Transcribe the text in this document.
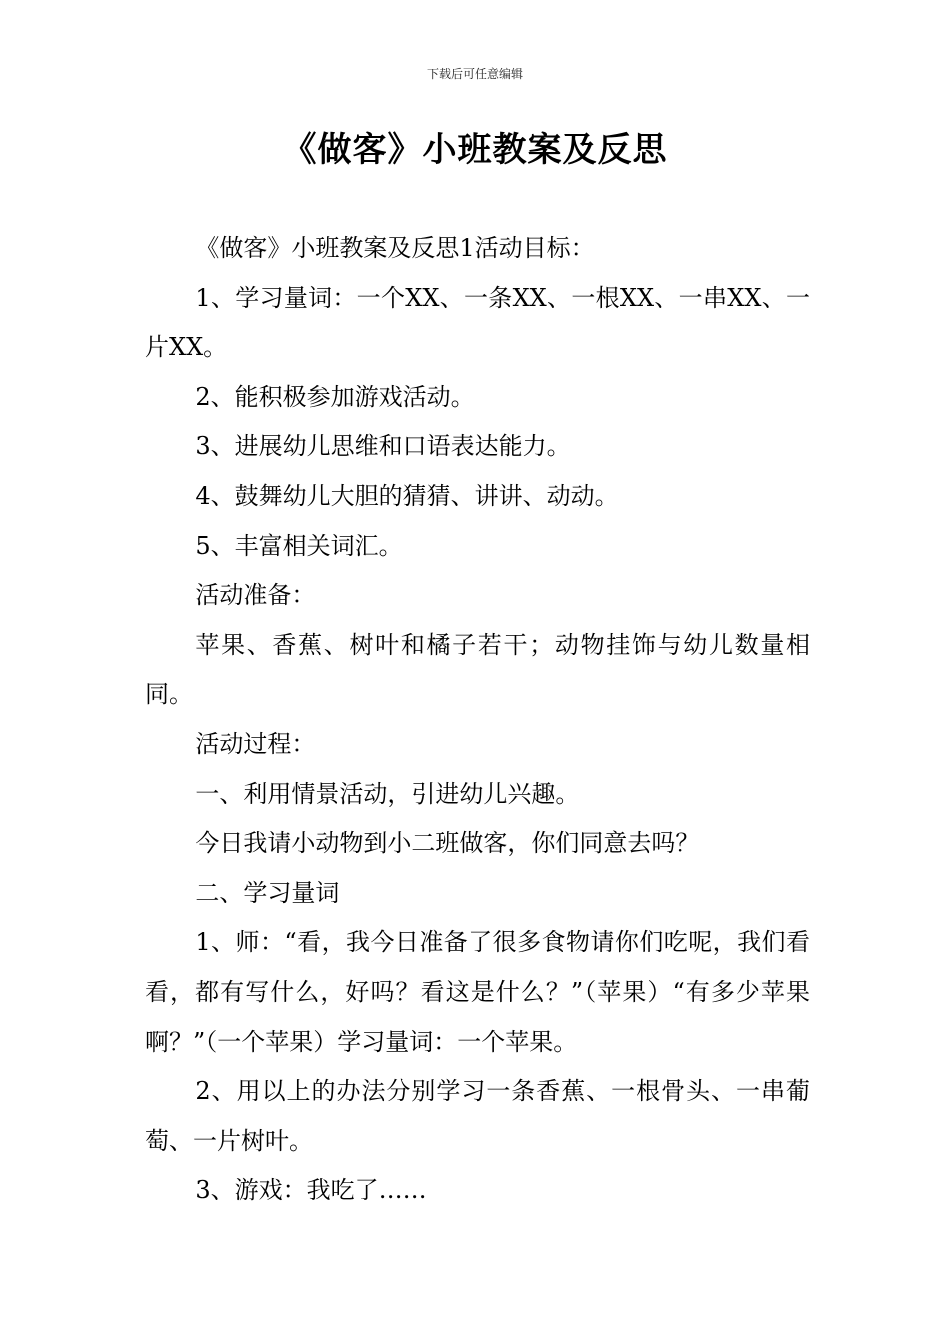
下载后可任意编辑
《做客》小班教案及反思

《做客》小班教案及反思1活动目标：

1、学习量词：一个XX、一条XX、一根XX、一串XX、一片XX。

2、能积极参加游戏活动。

3、进展幼儿思维和口语表达能力。

4、鼓舞幼儿大胆的猜猜、讲讲、动动。

5、丰富相关词汇。

活动准备：

苹果、香蕉、树叶和橘子若干；动物挂饰与幼儿数量相同。

活动过程：

一、利用情景活动，引进幼儿兴趣。

今日我请小动物到小二班做客，你们同意去吗？

二、学习量词

1、师：“看，我今日准备了很多食物请你们吃呢，我们看看，都有写什么，好吗？看这是什么？”（苹果）“有多少苹果啊？”（一个苹果）学习量词：一个苹果。

2、用以上的办法分别学习一条香蕉、一根骨头、一串葡萄、一片树叶。

3、游戏：我吃了……
